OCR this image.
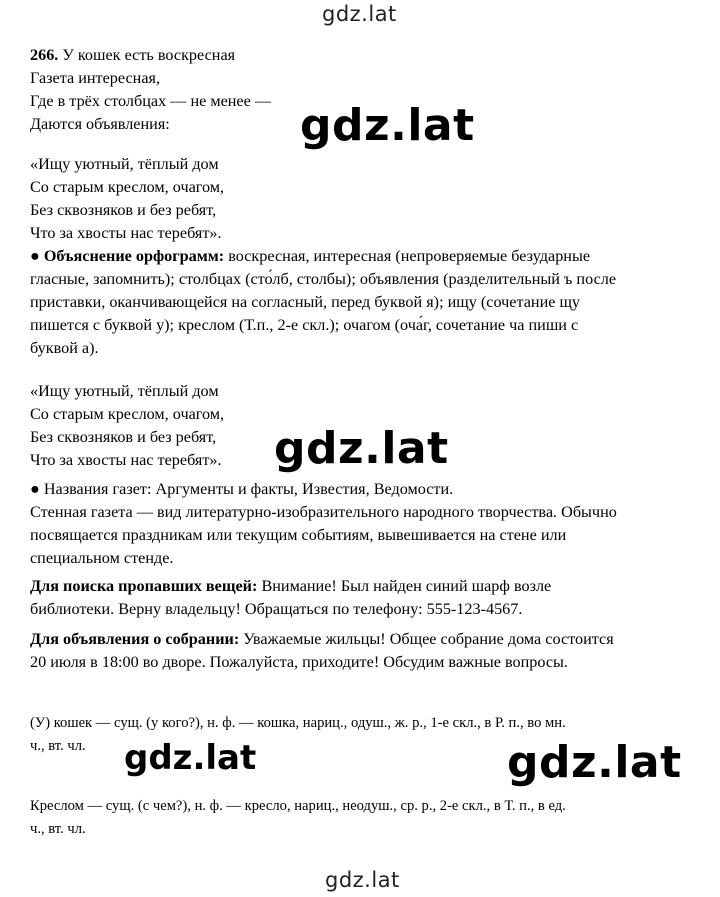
gdz.lat
gdz.lat
gdz.lat
gdz.lat	gdz.lat
gdz.lat
266. У кошек есть воскресная
Газета интересная,
Где в трёх столбцах — не менее —
Даются объявления:
«Ищу уютный, тёплый дом
Со старым креслом, очагом,
Без сквозняков и без ребят,
Что за хвосты нас теребят».
● Объяснение орфограмм: воскресная, интересная (непроверяемые безударные
гласные, запомнить); столбцах (сто́лб, столбы); объявления (разделительный ъ после
приставки, оканчивающейся на согласный, перед буквой я); ищу (сочетание щу
пишется с буквой у); креслом (Т.п., 2-е скл.); очагом (оча́г, сочетание ча пиши с
буквой а).
«Ищу уютный, тёплый дом
Со старым креслом, очагом,
Без сквозняков и без ребят,
Что за хвосты нас теребят».
● Названия газет: Аргументы и факты, Известия, Ведомости.
Стенная газета — вид литературно-изобразительного народного творчества. Обычно
посвящается праздникам или текущим событиям, вывешивается на стене или
специальном стенде.
Для поиска пропавших вещей: Внимание! Был найден синий шарф возле
библиотеки. Верну владельцу! Обращаться по телефону: 555-123-4567.
Для объявления о собрании: Уважаемые жильцы! Общее собрание дома состоится
20 июля в 18:00 во дворе. Пожалуйста, приходите! Обсудим важные вопросы.
(У) кошек — сущ. (у кого?), н. ф. — кошка, нариц., одуш., ж. р., 1-е скл., в Р. п., во мн.
ч., вт. чл.
Креслом — сущ. (с чем?), н. ф. — кресло, нариц., неодуш., ср. р., 2-е скл., в Т. п., в ед.
ч., вт. чл.
